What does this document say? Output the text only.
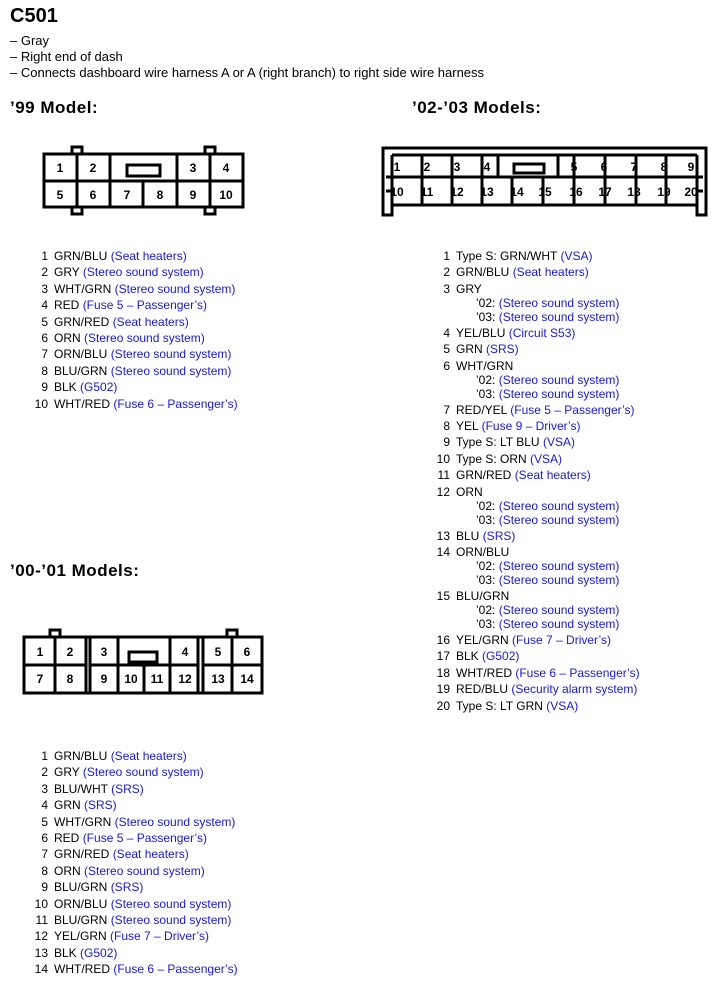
C501
– Gray
– Right end of dash
– Connects dashboard wire harness A or A (right branch) to right side wire harness
’99 Model:	’02-’03 Models:
’00-’01 Models:
1 2	3 4
5 6 7 8 9 10
1 2 3 4	5 6 7 8 9
10 11 12 13 14 15 16 17 18 19 20
1 2 3	4 5 6
7 8 9 10 11 12 13 14
1 GRN/BLU (Seat heaters)
2 GRY (Stereo sound system)
3 WHT/GRN (Stereo sound system)
4 RED (Fuse 5 – Passenger’s)
5 GRN/RED (Seat heaters)
6 ORN (Stereo sound system)
7 ORN/BLU (Stereo sound system)
8 BLU/GRN (Stereo sound system)
9 BLK (G502)
10 WHT/RED (Fuse 6 – Passenger’s)
1 GRN/BLU (Seat heaters)
2 GRY (Stereo sound system)
3 BLU/WHT (SRS)
4 GRN (SRS)
5 WHT/GRN (Stereo sound system)
6 RED (Fuse 5 – Passenger’s)
7 GRN/RED (Seat heaters)
8 ORN (Stereo sound system)
9 BLU/GRN (SRS)
10 ORN/BLU (Stereo sound system)
11 BLU/GRN (Stereo sound system)
12 YEL/GRN (Fuse 7 – Driver’s)
13 BLK (G502)
14 WHT/RED (Fuse 6 – Passenger’s)
1 Type S: GRN/WHT (VSA)
2 GRN/BLU (Seat heaters)
3 GRY
’02: (Stereo sound system)
’03: (Stereo sound system)
4 YEL/BLU (Circuit S53)
5 GRN (SRS)
6 WHT/GRN
’02: (Stereo sound system)
’03: (Stereo sound system)
7 RED/YEL (Fuse 5 – Passenger’s)
8 YEL (Fuse 9 – Driver’s)
9 Type S: LT BLU (VSA)
10 Type S: ORN (VSA)
11 GRN/RED (Seat heaters)
12 ORN
’02: (Stereo sound system)
’03: (Stereo sound system)
13 BLU (SRS)
14 ORN/BLU
’02: (Stereo sound system)
’03: (Stereo sound system)
15 BLU/GRN
’02: (Stereo sound system)
’03: (Stereo sound system)
16 YEL/GRN (Fuse 7 – Driver’s)
17 BLK (G502)
18 WHT/RED (Fuse 6 – Passenger’s)
19 RED/BLU (Security alarm system)
20 Type S: LT GRN (VSA)
